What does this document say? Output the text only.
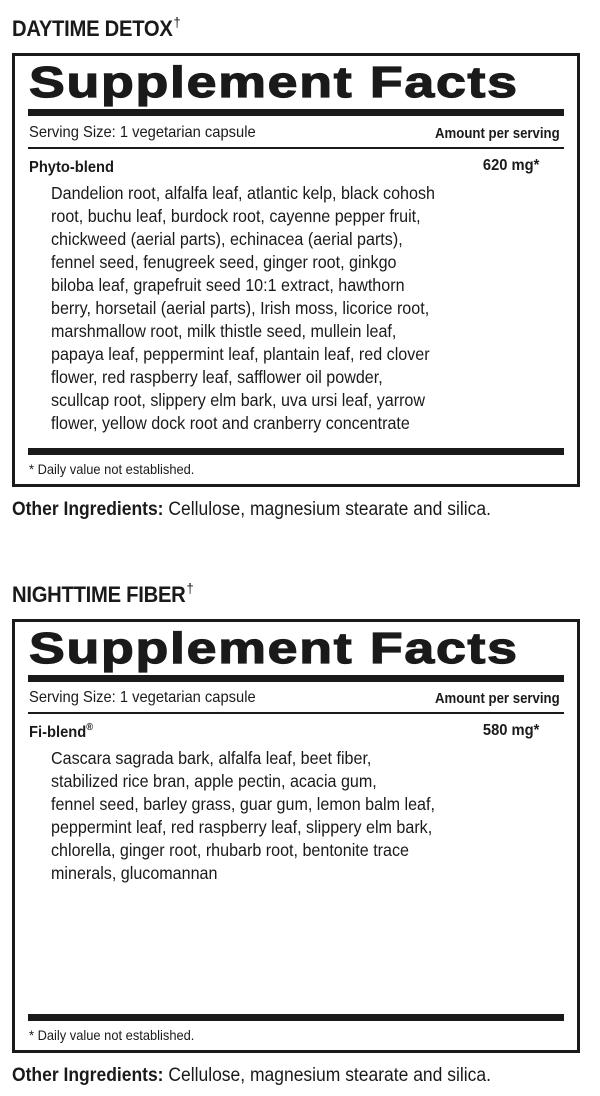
DAYTIME DETOX†
Supplement Facts
Serving Size: 1 vegetarian capsule	Amount per serving
Phyto-blend	620 mg*
Dandelion root, alfalfa leaf, atlantic kelp, black cohosh
root, buchu leaf, burdock root, cayenne pepper fruit,
chickweed (aerial parts), echinacea (aerial parts),
fennel seed, fenugreek seed, ginger root, ginkgo
biloba leaf, grapefruit seed 10:1 extract, hawthorn
berry, horsetail (aerial parts), Irish moss, licorice root,
marshmallow root, milk thistle seed, mullein leaf,
papaya leaf, peppermint leaf, plantain leaf, red clover
flower, red raspberry leaf, safflower oil powder,
scullcap root, slippery elm bark, uva ursi leaf, yarrow
flower, yellow dock root and cranberry concentrate
* Daily value not established.
Other Ingredients: Cellulose, magnesium stearate and silica.
NIGHTTIME FIBER†
Supplement Facts
Serving Size: 1 vegetarian capsule	Amount per serving
Fi-blend®	580 mg*
Cascara sagrada bark, alfalfa leaf, beet fiber,
stabilized rice bran, apple pectin, acacia gum,
fennel seed, barley grass, guar gum, lemon balm leaf,
peppermint leaf, red raspberry leaf, slippery elm bark,
chlorella, ginger root, rhubarb root, bentonite trace
minerals, glucomannan
* Daily value not established.
Other Ingredients: Cellulose, magnesium stearate and silica.
